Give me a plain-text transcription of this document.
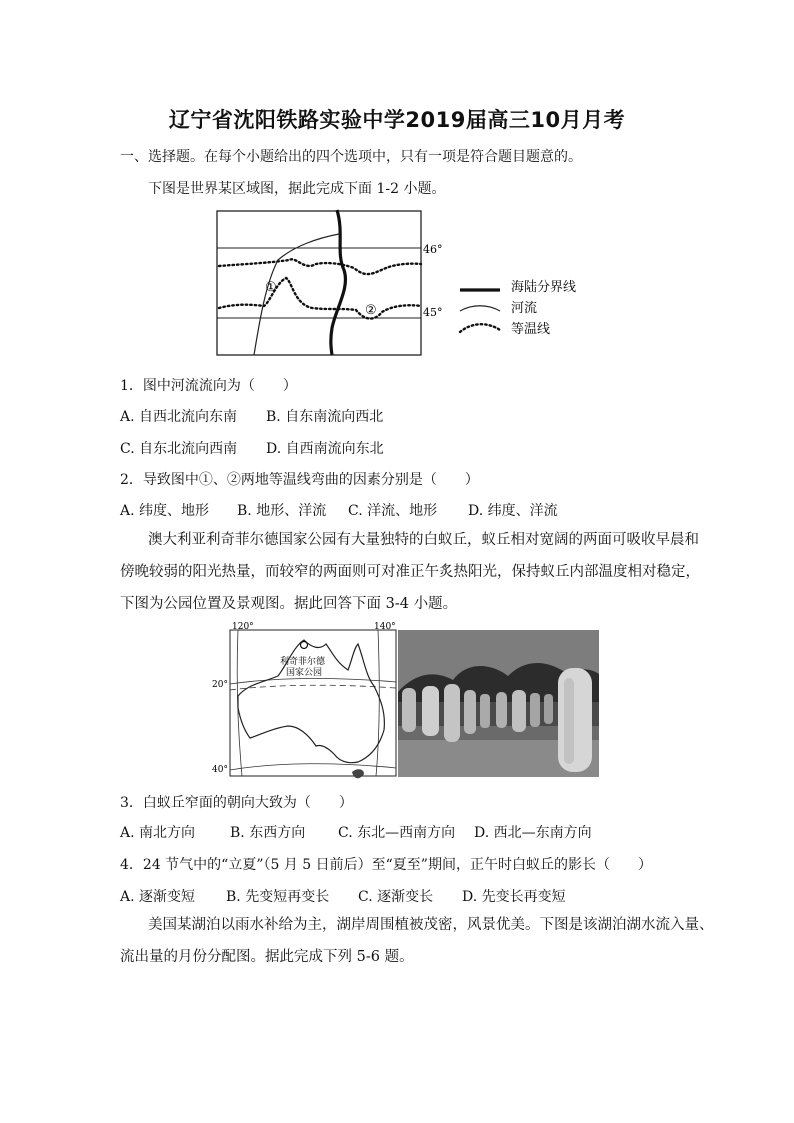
辽宁省沈阳铁路实验中学2019届高三10月月考
一、选择题。在每个小题给出的四个选项中，只有一项是符合题目题意的。
下图是世界某区域图，据此完成下面 1-2 小题。
①
②
46°
45°
海陆分界线
河流
等温线
1．图中河流流向为（　　）
A. 自西北流向东南 B. 自东南流向西北
C. 自东北流向西南 D. 自西南流向东北
2．导致图中①、②两地等温线弯曲的因素分别是（　　）
A. 纬度、地形 B. 地形、洋流 C. 洋流、地形 D. 纬度、洋流
澳大利亚利奇菲尔德国家公园有大量独特的白蚁丘，蚁丘相对宽阔的两面可吸收早晨和
傍晚较弱的阳光热量，而较窄的两面则可对准正午炙热阳光，保持蚁丘内部温度相对稳定，
下图为公园位置及景观图。据此回答下面 3-4 小题。
120°	140°
20°
40°
利奇菲尔德
国家公园
3．白蚁丘窄面的朝向大致为（　　）
A. 南北方向 B. 东西方向 C. 东北—西南方向 D. 西北—东南方向
4．24 节气中的“立夏”（5 月 5 日前后）至“夏至”期间，正午时白蚁丘的影长（　　）
A. 逐渐变短 B. 先变短再变长 C. 逐渐变长 D. 先变长再变短
美国某湖泊以雨水补给为主，湖岸周围植被茂密，风景优美。下图是该湖泊湖水流入量、
流出量的月份分配图。据此完成下列 5-6 题。
